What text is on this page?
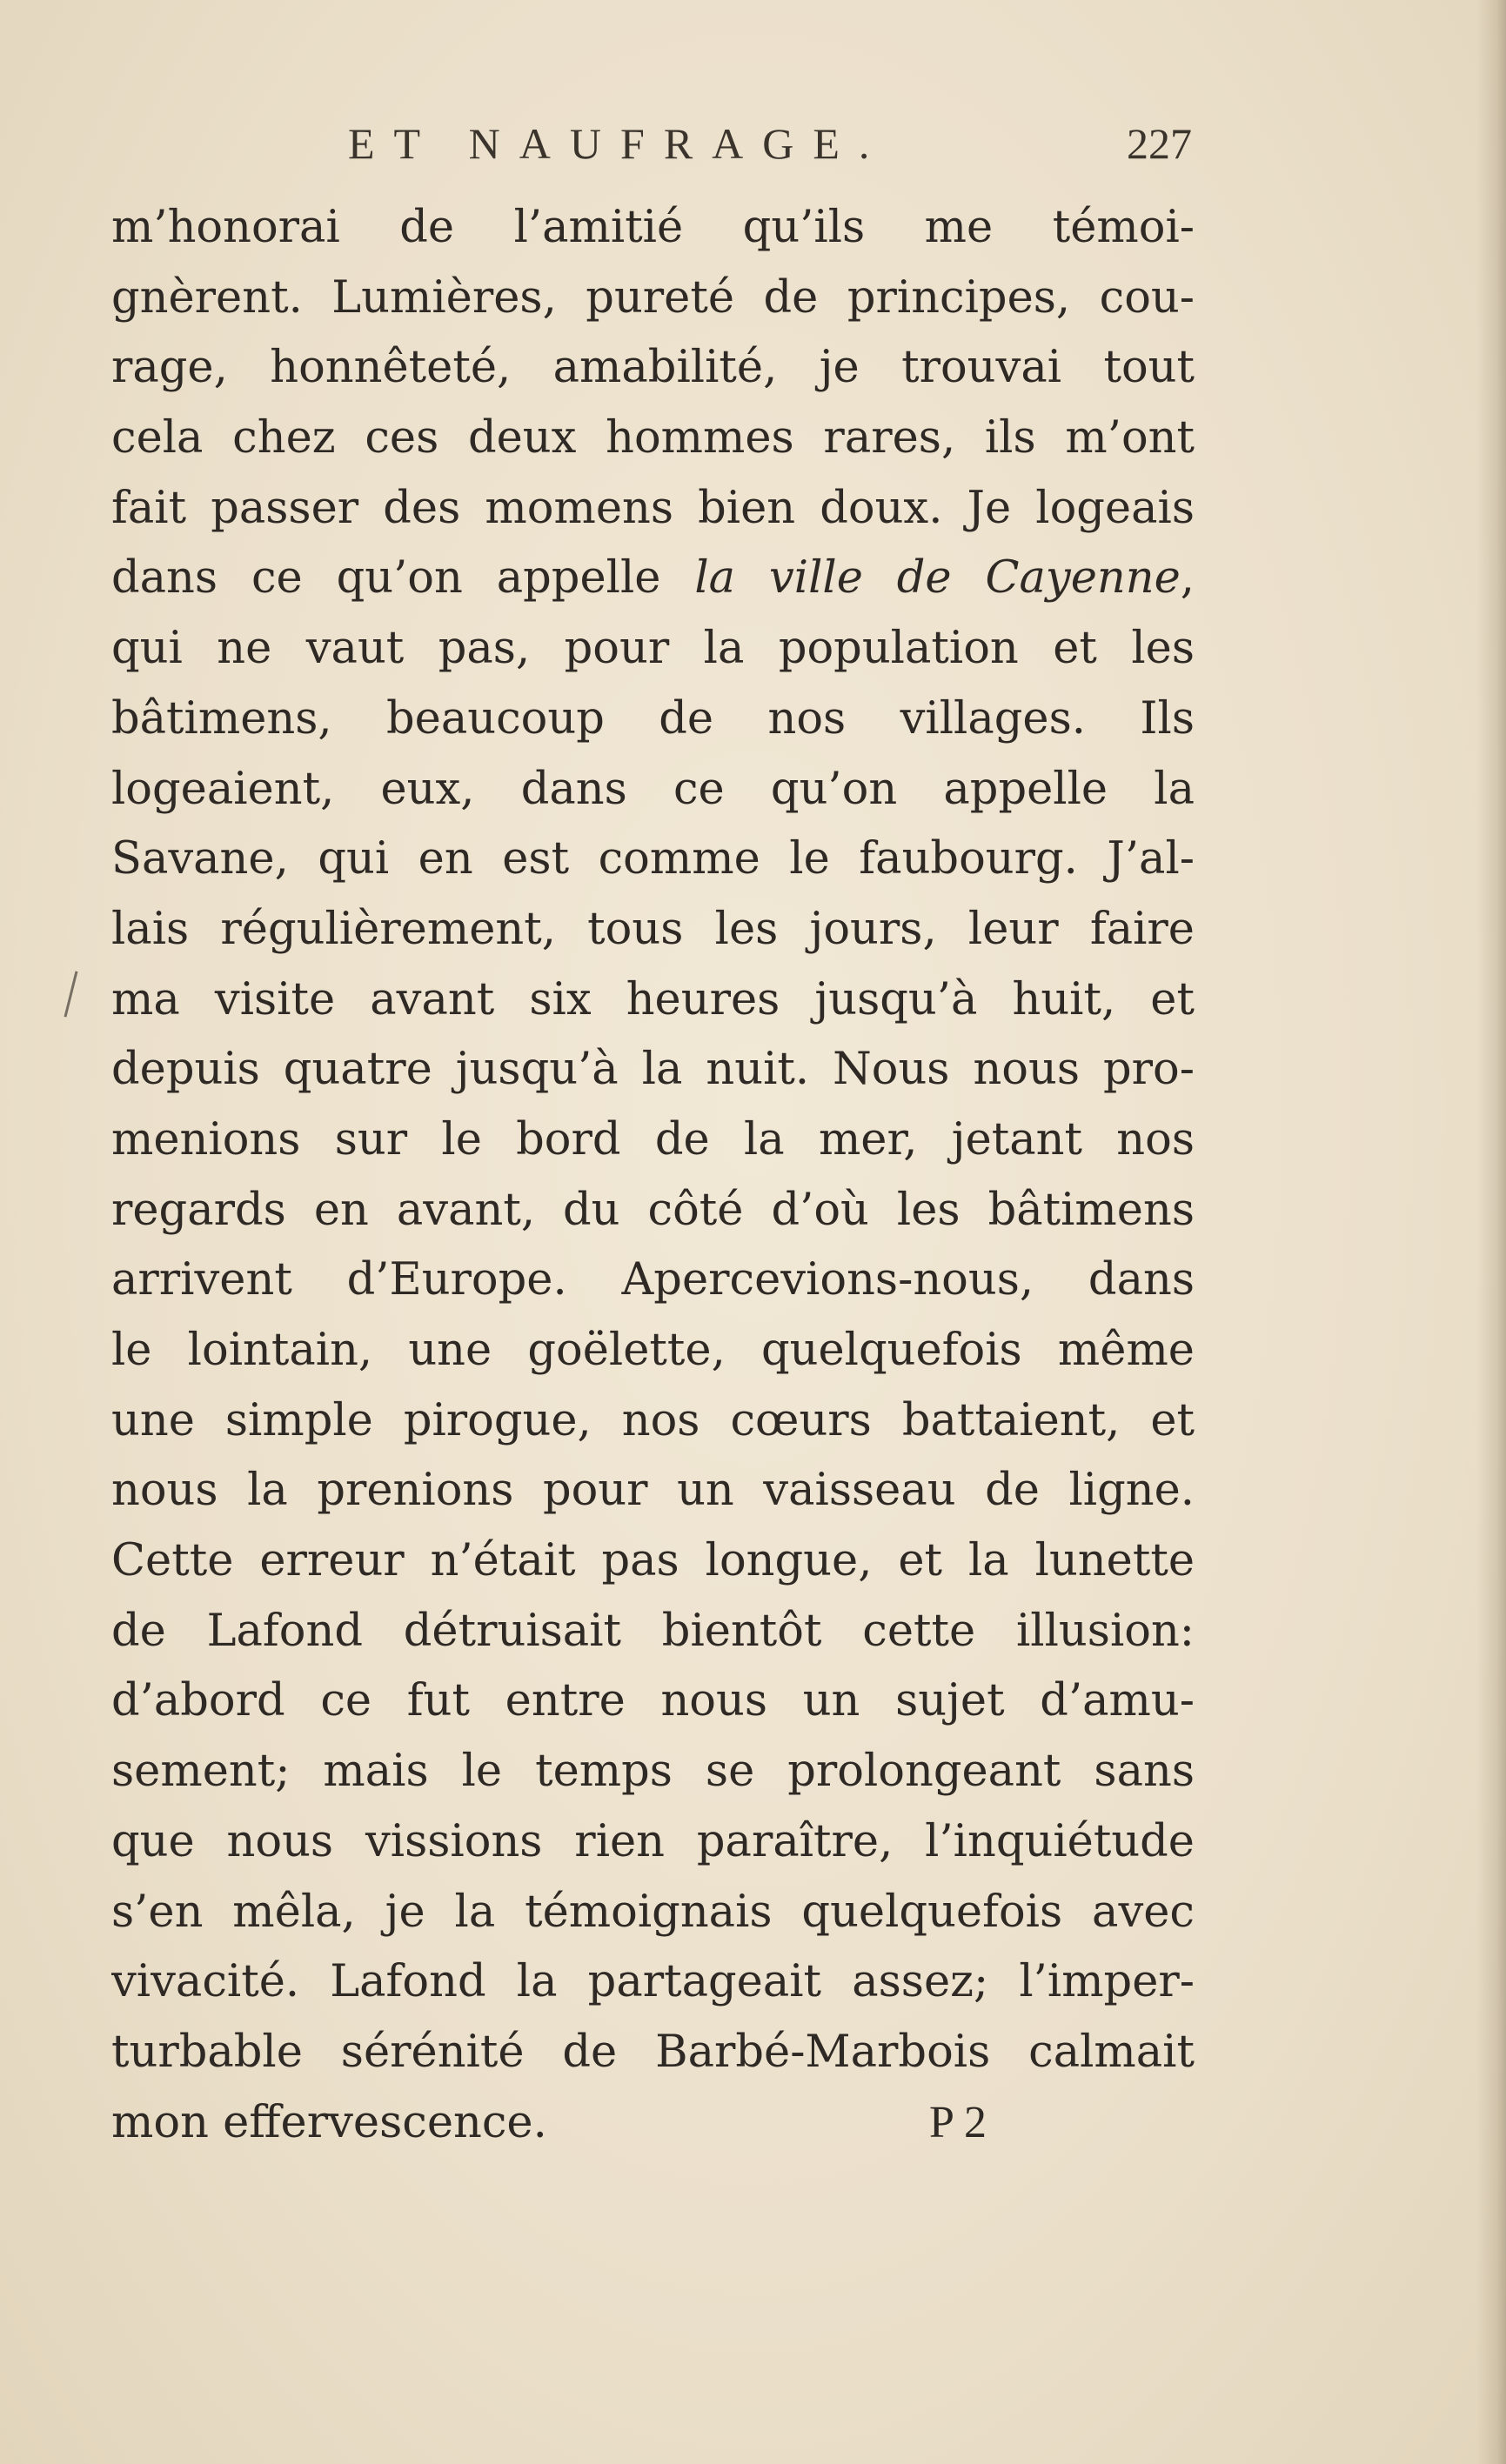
ET NAUFRAGE.	227
m’honorai de l’amitié qu’ils me témoi-
gnèrent. Lumières, pureté de principes, cou-
rage, honnêteté, amabilité, je trouvai tout
cela chez ces deux hommes rares, ils m’ont
fait passer des momens bien doux. Je logeais
dans ce qu’on appelle la ville de Cayenne,
qui ne vaut pas, pour la population et les
bâtimens, beaucoup de nos villages. Ils
logeaient, eux, dans ce qu’on appelle la
Savane, qui en est comme le faubourg. J’al-
lais régulièrement, tous les jours, leur faire
ma visite avant six heures jusqu’à huit, et
depuis quatre jusqu’à la nuit. Nous nous pro-
menions sur le bord de la mer, jetant nos
regards en avant, du côté d’où les bâtimens
arrivent d’Europe. Apercevions-nous, dans
le lointain, une goëlette, quelquefois même
une simple pirogue, nos cœurs battaient, et
nous la prenions pour un vaisseau de ligne.
Cette erreur n’était pas longue, et la lunette
de Lafond détruisait bientôt cette illusion:
d’abord ce fut entre nous un sujet d’amu-
sement; mais le temps se prolongeant sans
que nous vissions rien paraître, l’inquiétude
s’en mêla, je la témoignais quelquefois avec
vivacité. Lafond la partageait assez; l’imper-
turbable sérénité de Barbé-Marbois calmait
mon effervescence.	P 2
